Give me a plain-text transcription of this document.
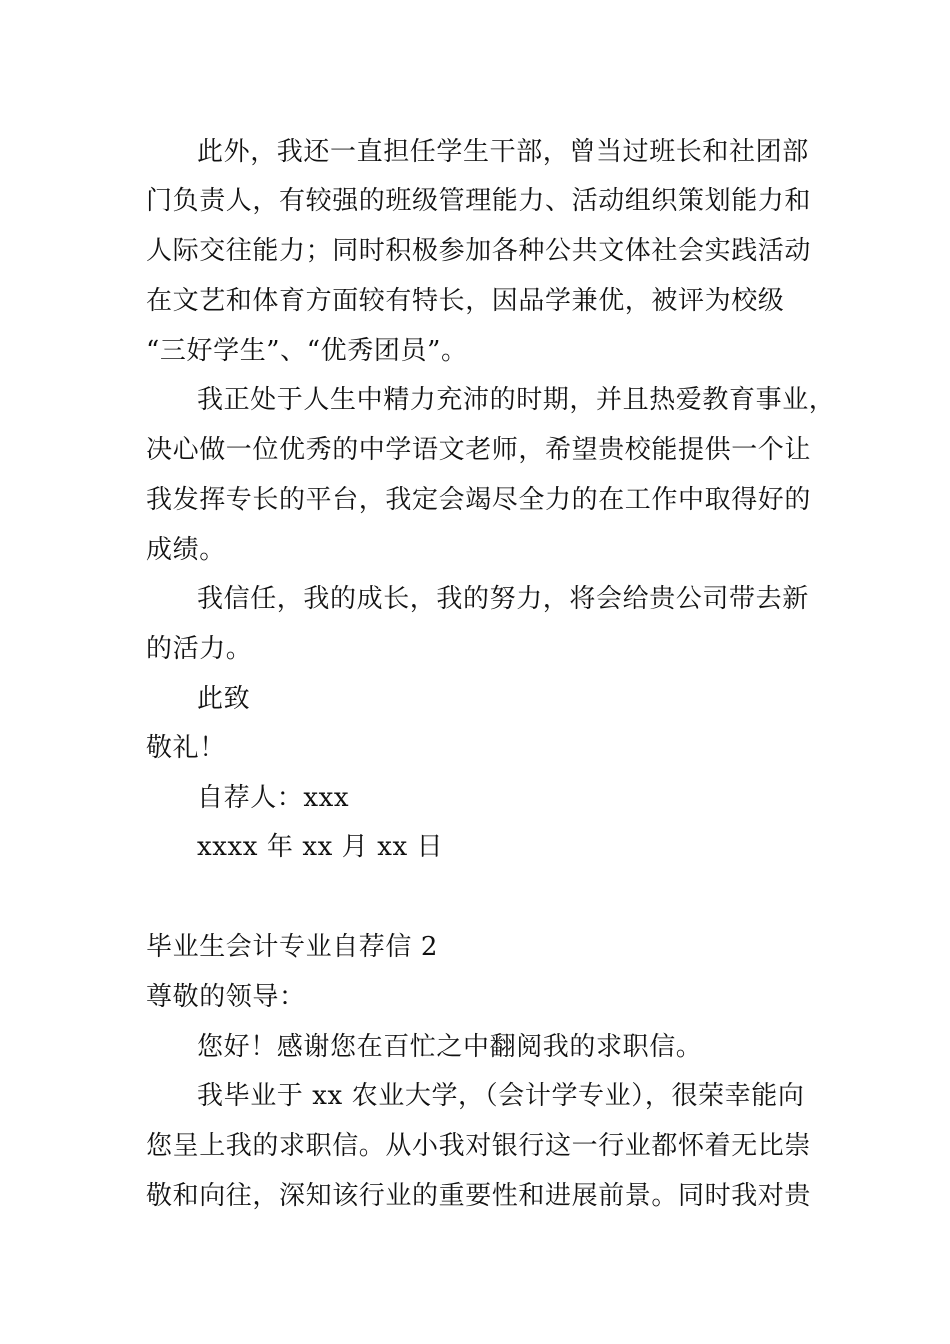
此外，我还一直担任学生干部，曾当过班长和社团部
门负责人，有较强的班级管理能力、活动组织策划能力和
人际交往能力；同时积极参加各种公共文体社会实践活动
在文艺和体育方面较有特长，因品学兼优，被评为校级
“三好学生”、“优秀团员”。
我正处于人生中精力充沛的时期，并且热爱教育事业，
决心做一位优秀的中学语文老师，希望贵校能提供一个让
我发挥专长的平台，我定会竭尽全力的在工作中取得好的
成绩。
我信任，我的成长，我的努力，将会给贵公司带去新
的活力。
此致
敬礼！
自荐人：xxx
xxxx 年 xx 月 xx 日
毕业生会计专业自荐信 2
尊敬的领导：
您好！感谢您在百忙之中翻阅我的求职信。
我毕业于 xx 农业大学，（会计学专业），很荣幸能向
您呈上我的求职信。从小我对银行这一行业都怀着无比崇
敬和向往，深知该行业的重要性和进展前景。同时我对贵
